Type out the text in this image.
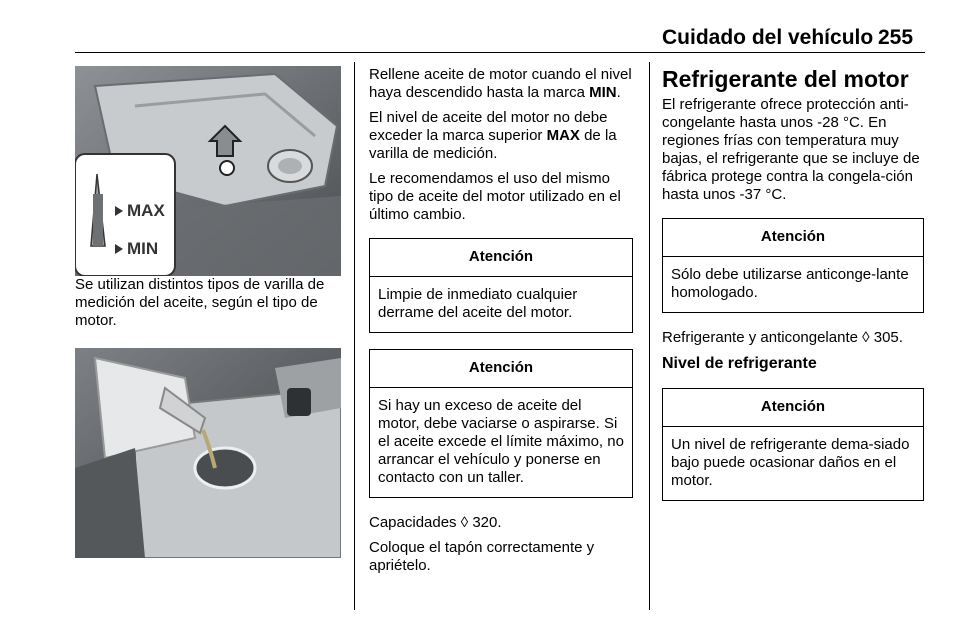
Cuidado del vehículo 255
MAX
MIN

Se utilizan distintos tipos de varilla de medición del aceite, según el tipo de motor.

Rellene aceite de motor cuando el nivel haya descendido hasta la marca MIN.

El nivel de aceite del motor no debe exceder la marca superior MAX de la varilla de medición.

Le recomendamos el uso del mismo tipo de aceite del motor utilizado en el último cambio.

Atención
Limpie de inmediato cualquier derrame del aceite del motor.
Atención
Si hay un exceso de aceite del motor, debe vaciarse o aspirarse. Si el aceite excede el límite máximo, no arrancar el vehículo y ponerse en contacto con un taller.

Capacidades ◊ 320.

Coloque el tapón correctamente y apriételo.

Refrigerante del motor

El refrigerante ofrece protección anti-congelante hasta unos -28 °C. En regiones frías con temperatura muy bajas, el refrigerante que se incluye de fábrica protege contra la congela-ción hasta unos -37 °C.

Atención
Sólo debe utilizarse anticonge-lante homologado.

Refrigerante y anticongelante ◊ 305.

Nivel de refrigerante
Atención
Un nivel de refrigerante dema-siado bajo puede ocasionar daños en el motor.
